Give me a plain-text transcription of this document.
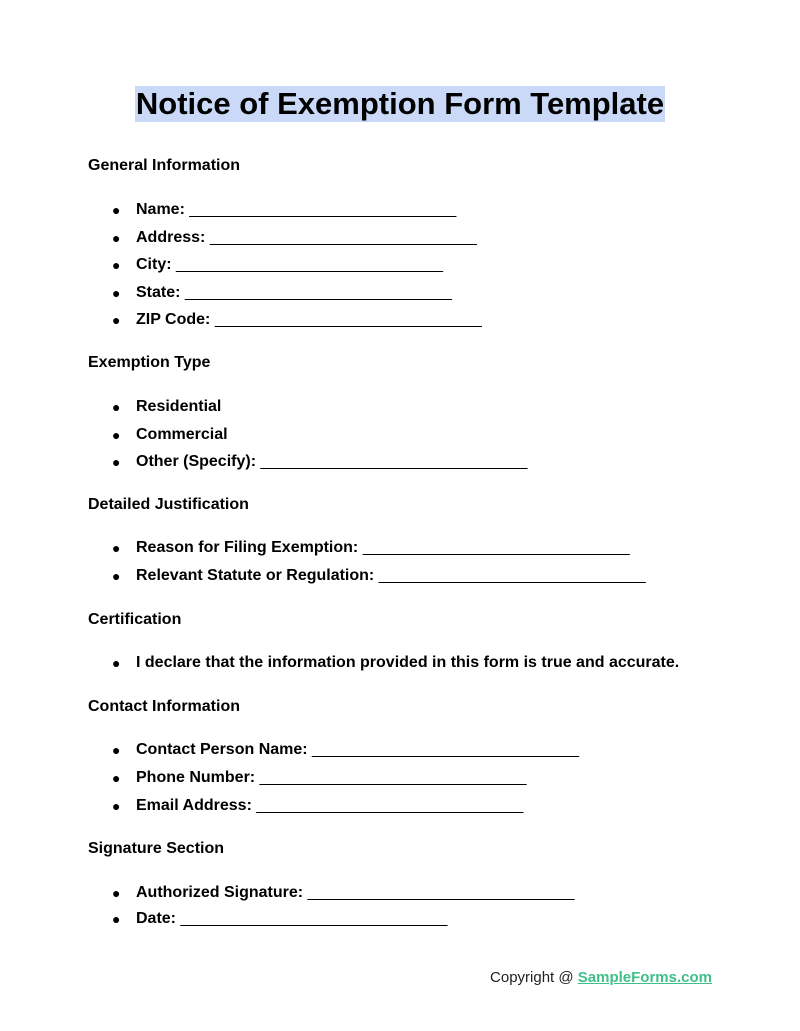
Notice of Exemption Form Template
General Information
● Name: ______________________________
● Address: ______________________________
● City: ______________________________
● State: ______________________________
● ZIP Code: ______________________________
Exemption Type
● Residential
● Commercial
● Other (Specify): ______________________________
Detailed Justification
● Reason for Filing Exemption: ______________________________
● Relevant Statute or Regulation: ______________________________
Certification
● I declare that the information provided in this form is true and accurate.
Contact Information
● Contact Person Name: ______________________________
● Phone Number: ______________________________
● Email Address: ______________________________
Signature Section
● Authorized Signature: ______________________________
● Date: ______________________________
Copyright @ SampleForms.com
